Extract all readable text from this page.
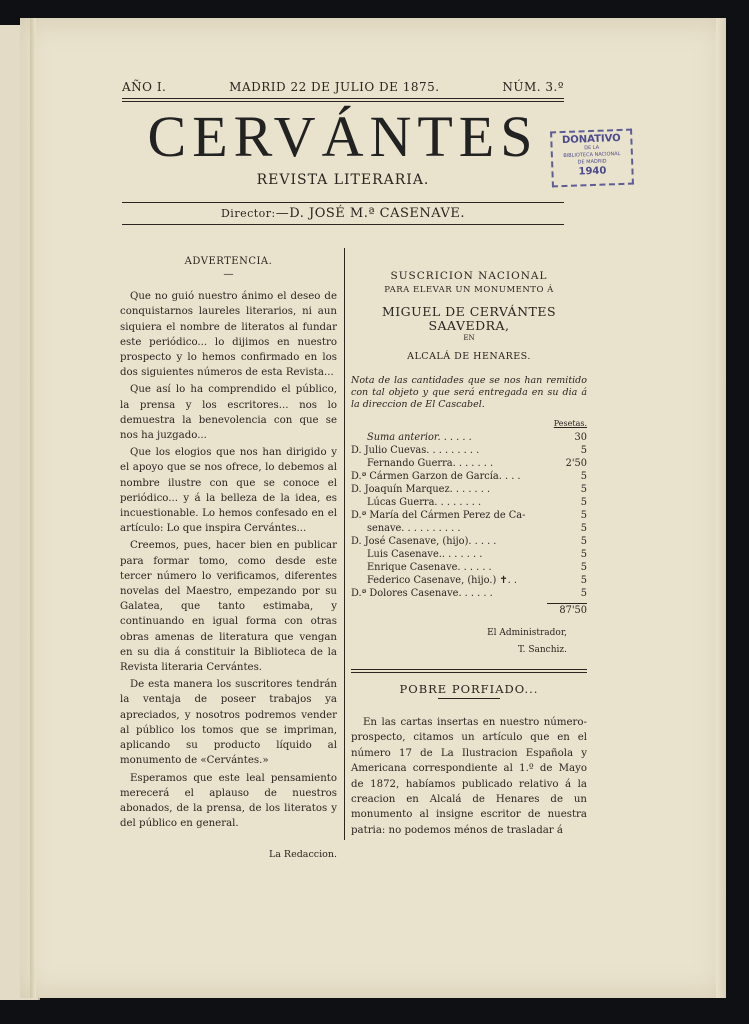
AÑO I.	MADRID 22 DE JULIO DE 1875.	NÚM. 3.º
CERVÁNTES
REVISTA LITERARIA.
Director:—D. JOSÉ M.ª CASENAVE.
DONATIVO
DE LA
BIBLIOTECA NACIONAL
DE MADRID
1940
ADVERTENCIA.
—

Que no guió nuestro ánimo el deseo de conquistarnos laureles literarios, ni aun siquiera el nombre de literatos al fundar este periódico... lo dijimos en nuestro prospecto y lo hemos confirmado en los dos siguientes números de esta Revista...

Que así lo ha comprendido el público, la prensa y los escritores... nos lo demuestra la benevolencia con que se nos ha juzgado...

Que los elogios que nos han dirigido y el apoyo que se nos ofrece, lo debemos al nombre ilustre con que se conoce el periódico... y á la belleza de la idea, es incuestionable. Lo hemos confesado en el artículo: Lo que inspira Cervántes...

Creemos, pues, hacer bien en publicar para formar tomo, como desde este tercer número lo verificamos, diferentes novelas del Maestro, empezando por su Galatea, que tanto estimaba, y continuando en igual forma con otras obras amenas de literatura que vengan en su dia á constituir la Biblioteca de la Revista literaria Cervántes.

De esta manera los suscritores tendrán la ventaja de poseer trabajos ya apreciados, y nosotros podremos vender al público los tomos que se impriman, aplicando su producto líquido al monumento de «Cervántes.»

Esperamos que este leal pensamiento merecerá el aplauso de nuestros abonados, de la prensa, de los literatos y del público en general.

La Redaccion.
SUSCRICION NACIONAL
PARA ELEVAR UN MONUMENTO Á
MIGUEL DE CERVÁNTES SAAVEDRA,
EN
ALCALÁ DE HENARES.
Nota de las cantidades que se nos han remitido con tal objeto y que será entregada en su dia á la direccion de El Cascabel.
Pesetas.
Suma anterior. . . . . .	30
D. Julio Cuevas. . . . . . . . .	5
Fernando Guerra. . . . . . .	2'50
D.ª Cármen Garzon de García. . . .	5
D. Joaquín Marquez. . . . . . .	5
Lúcas Guerra. . . . . . . .	5
D.ª María del Cármen Perez de Ca-	5
senave. . . . . . . . . .	5
D. José Casenave, (hijo). . . . .	5
Luis Casenave.. . . . . . .	5
Enrique Casenave. . . . . .	5
Federico Casenave, (hijo.) ✝. .	5
D.ª Dolores Casenave. . . . . .	5
87'50
El Administrador,
T. Sanchiz.
POBRE PORFIADO...
En las cartas insertas en nuestro número-prospecto, citamos un artículo que en el número 17 de La Ilustracion Española y Americana correspondiente al 1.º de Mayo de 1872, habíamos publicado relativo á la creacion en Alcalá de Henares de un monumento al insigne escritor de nuestra patria: no podemos ménos de trasladar á
